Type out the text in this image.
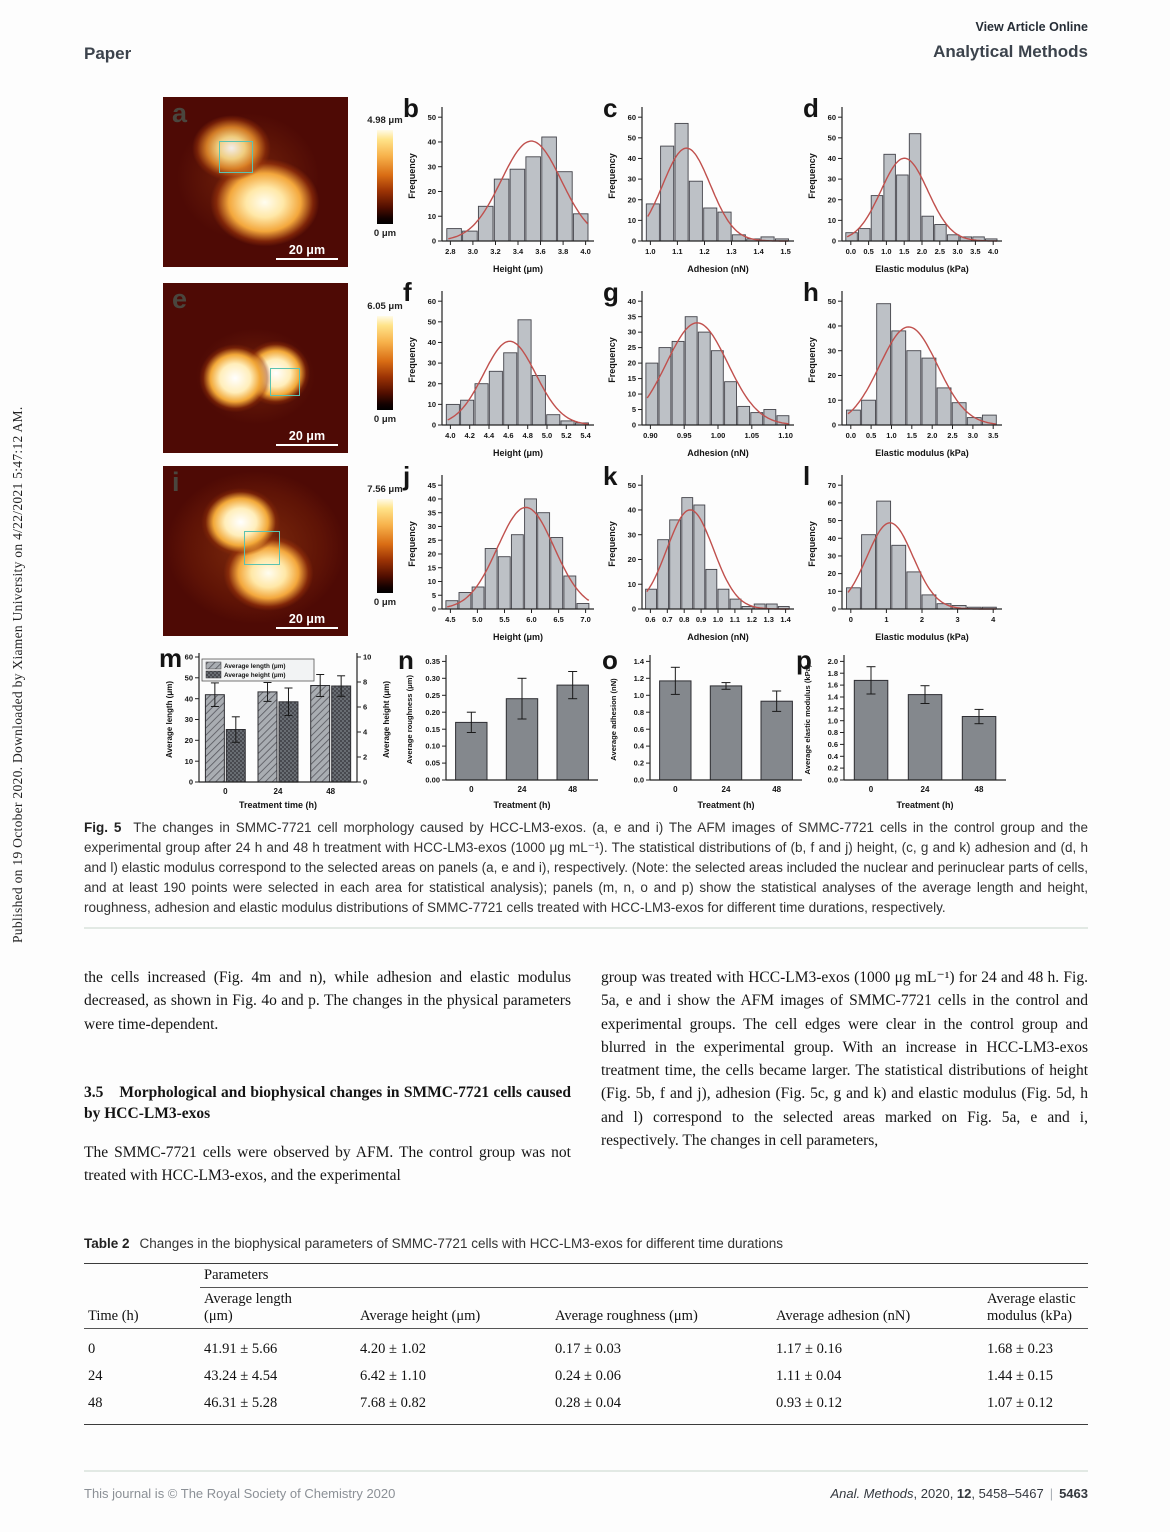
Paper
View Article Online
Analytical Methods
Published on 19 October 2020. Downloaded by Xiamen University on 4/22/2021 5:47:12 AM.
a
20 μm
4.98 μm
0 μm
e
20 μm
6.05 μm
0 μm
i
20 μm
7.56 μm
0 μm
0
10
20
30
40
50
2.8 3.0 3.2 3.4 3.6 3.8 4.0
Height (μm)
Frequency
b
0
10
20
30
40
50
60
1.0 1.1 1.2 1.3 1.4 1.5
Adhesion (nN)
Frequency
c
0
10
20
30
40
50
60
0.0 0.5 1.0 1.5 2.0 2.5 3.0 3.5 4.0
Elastic modulus (kPa)
Frequency
d
0
10
20
30
40
50
60
4.0 4.2 4.4 4.6 4.8 5.0 5.2 5.4
Height (μm)
Frequency
f
0
5
10
15
20
25
30
35
40
0.90	0.95	1.00	1.05	1.10
Adhesion (nN)
Frequency
g
0
10
20
30
40
50
0.0 0.5 1.0 1.5 2.0 2.5 3.0 3.5
Elastic modulus (kPa)
Frequency
h
0
5
10
15
20
25
30
35
40
45
4.5 5.0 5.5 6.0 6.5 7.0
Height (μm)
Frequency
j
0
10
20
30
40
50
0.6 0.7 0.8 0.9 1.0 1.1 1.2 1.3 1.4
Adhesion (nN)
Frequency
k
0
10
20
30
40
50
60
70
0	1	2	3	4
Elastic modulus (kPa)
Frequency
l
0	24	48
0
10
20
30
40
50
60
0
2
4
6
8
10
Average length (μm)
Average height (μm)
Treatment time (h)
Average length (μm)	Average height (μm)
m
0	24	48
0.00
0.05
0.10
0.15
0.20
0.25
0.30
0.35
Treatment (h)
Average roughness (μm)
n
0	24	48
0.0
0.2
0.4
0.6
0.8
1.0
1.2
1.4
Treatment (h)
Average adhesion (nN)
o
0	24	48
0.0
0.2
0.4
0.6
0.8
1.0
1.2
1.4
1.6
1.8
2.0
Treatment (h)
Average elastic modulus (kPa)
p
Fig. 5 The changes in SMMC-7721 cell morphology caused by HCC-LM3-exos. (a, e and i) The AFM images of SMMC-7721 cells in the control group and the experimental group after 24 h and 48 h treatment with HCC-LM3-exos (1000 μg mL⁻¹). The statistical distributions of (b, f and j) height, (c, g and k) adhesion and (d, h and l) elastic modulus correspond to the selected areas on panels (a, e and i), respectively. (Note: the selected areas included the nuclear and perinuclear parts of cells, and at least 190 points were selected in each area for statistical analysis); panels (m, n, o and p) show the statistical analyses of the average length and height, roughness, adhesion and elastic modulus distributions of SMMC-7721 cells treated with HCC-LM3-exos for different time durations, respectively.

the cells increased (Fig. 4m and n), while adhesion and elastic modulus decreased, as shown in Fig. 4o and p. The changes in the physical parameters were time-dependent.

3.5 Morphological and biophysical changes in SMMC-7721 cells caused by HCC-LM3-exos

The SMMC-7721 cells were observed by AFM. The control group was not treated with HCC-LM3-exos, and the experimental

group was treated with HCC-LM3-exos (1000 μg mL⁻¹) for 24 and 48 h. Fig. 5a, e and i show the AFM images of SMMC-7721 cells in the control and experimental groups. The cell edges were clear in the control group and blurred in the experimental group. With an increase in HCC-LM3-exos treatment time, the cells became larger. The statistical distributions of height (Fig. 5b, f and j), adhesion (Fig. 5c, g and k) and elastic modulus (Fig. 5d, h and l) correspond to the selected areas marked on Fig. 5a, e and i, respectively. The changes in cell parameters,

Table 2 Changes in the biophysical parameters of SMMC-7721 cells with HCC-LM3-exos for different time durations
	Parameters				
Time (h)	Average length (μm)	Average height (μm)	Average roughness (μm)	Average adhesion (nN)	Average elastic modulus (kPa)
0	41.91 ± 5.66	4.20 ± 1.02	0.17 ± 0.03	1.17 ± 0.16	1.68 ± 0.23
24	43.24 ± 4.54	6.42 ± 1.10	0.24 ± 0.06	1.11 ± 0.04	1.44 ± 0.15
48	46.31 ± 5.28	7.68 ± 0.82	0.28 ± 0.04	0.93 ± 0.12	1.07 ± 0.12
This journal is © The Royal Society of Chemistry 2020	Anal. Methods, 2020, 12, 5458–5467 | 5463
